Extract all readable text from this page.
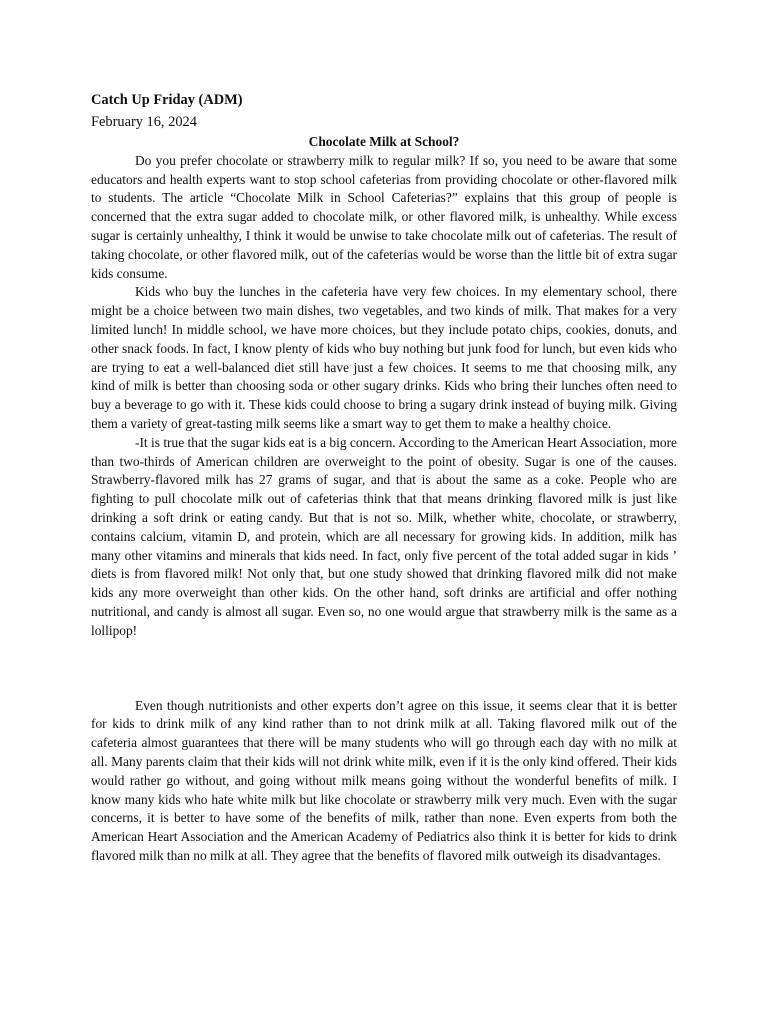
Catch Up Friday (ADM)

February 16, 2024

Chocolate Milk at School?

Do you prefer chocolate or strawberry milk to regular milk? If so, you need to be aware that some educators and health experts want to stop school cafeterias from providing chocolate or other-flavored milk to students. The article “Chocolate Milk in School Cafeterias?” explains that this group of people is concerned that the extra sugar added to chocolate milk, or other flavored milk, is unhealthy. While excess sugar is certainly unhealthy, I think it would be unwise to take chocolate milk out of cafeterias. The result of taking chocolate, or other flavored milk, out of the cafeterias would be worse than the little bit of extra sugar kids consume.

Kids who buy the lunches in the cafeteria have very few choices. In my elementary school, there might be a choice between two main dishes, two vegetables, and two kinds of milk. That makes for a very limited lunch! In middle school, we have more choices, but they include potato chips, cookies, donuts, and other snack foods. In fact, I know plenty of kids who buy nothing but junk food for lunch, but even kids who are trying to eat a well-balanced diet still have just a few choices. It seems to me that choosing milk, any kind of milk is better than choosing soda or other sugary drinks. Kids who bring their lunches often need to buy a beverage to go with it. These kids could choose to bring a sugary drink instead of buying milk. Giving them a variety of great-tasting milk seems like a smart way to get them to make a healthy choice.

-It is true that the sugar kids eat is a big concern. According to the American Heart Association, more than two-thirds of American children are overweight to the point of obesity. Sugar is one of the causes. Strawberry-flavored milk has 27 grams of sugar, and that is about the same as a coke. People who are fighting to pull chocolate milk out of cafeterias think that that means drinking flavored milk is just like drinking a soft drink or eating candy. But that is not so. Milk, whether white, chocolate, or strawberry, contains calcium, vitamin D, and protein, which are all necessary for growing kids. In addition, milk has many other vitamins and minerals that kids need. In fact, only five percent of the total added sugar in kids ’ diets is from flavored milk! Not only that, but one study showed that drinking flavored milk did not make kids any more overweight than other kids. On the other hand, soft drinks are artificial and offer nothing nutritional, and candy is almost all sugar. Even so, no one would argue that strawberry milk is the same as a lollipop!

Even though nutritionists and other experts don’t agree on this issue, it seems clear that it is better for kids to drink milk of any kind rather than to not drink milk at all. Taking flavored milk out of the cafeteria almost guarantees that there will be many students who will go through each day with no milk at all. Many parents claim that their kids will not drink white milk, even if it is the only kind offered. Their kids would rather go without, and going without milk means going without the wonderful benefits of milk. I know many kids who hate white milk but like chocolate or strawberry milk very much. Even with the sugar concerns, it is better to have some of the benefits of milk, rather than none. Even experts from both the American Heart Association and the American Academy of Pediatrics also think it is better for kids to drink flavored milk than no milk at all. They agree that the benefits of flavored milk outweigh its disadvantages.
